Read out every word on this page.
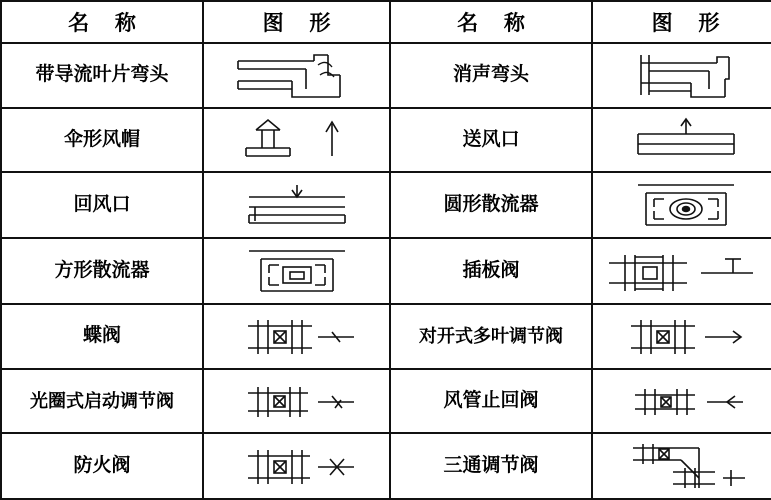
名 称	图 形	名 称	图 形
带导流叶片弯头		消声弯头	

伞形风帽		送风口	

回风口		圆形散流器	

方形散流器		插板阀	

蝶阀		对开式多叶调节阀	

光圈式启动调节阀		风管止回阀	

防火阀		三通调节阀	
